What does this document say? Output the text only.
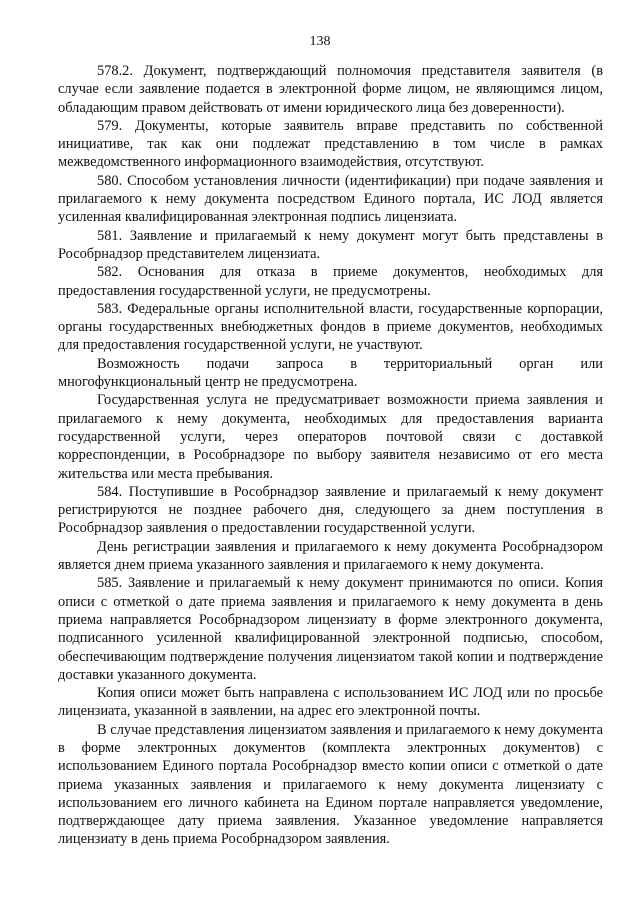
138

578.2. Документ, подтверждающий полномочия представителя заявителя (в случае если заявление подается в электронной форме лицом, не являющимся лицом, обладающим правом действовать от имени юридического лица без доверенности).

579. Документы, которые заявитель вправе представить по собственной инициативе, так как они подлежат представлению в том числе в рамках межведомственного информационного взаимодействия, отсутствуют.

580. Способом установления личности (идентификации) при подаче заявления и прилагаемого к нему документа посредством Единого портала, ИС ЛОД является усиленная квалифицированная электронная подпись лицензиата.

581. Заявление и прилагаемый к нему документ могут быть представлены в Рособрнадзор представителем лицензиата.

582. Основания для отказа в приеме документов, необходимых для предоставления государственной услуги, не предусмотрены.

583. Федеральные органы исполнительной власти, государственные корпорации, органы государственных внебюджетных фондов в приеме документов, необходимых для предоставления государственной услуги, не участвуют.

Возможность подачи запроса в территориальный орган или многофункциональный центр не предусмотрена.

Государственная услуга не предусматривает возможности приема заявления и прилагаемого к нему документа, необходимых для предоставления варианта государственной услуги, через операторов почтовой связи с доставкой корреспонденции, в Рособрнадзоре по выбору заявителя независимо от его места жительства или места пребывания.

584. Поступившие в Рособрнадзор заявление и прилагаемый к нему документ регистрируются не позднее рабочего дня, следующего за днем поступления в Рособрнадзор заявления о предоставлении государственной услуги.

День регистрации заявления и прилагаемого к нему документа Рособрнадзором является днем приема указанного заявления и прилагаемого к нему документа.

585. Заявление и прилагаемый к нему документ принимаются по описи. Копия описи с отметкой о дате приема заявления и прилагаемого к нему документа в день приема направляется Рособрнадзором лицензиату в форме электронного документа, подписанного усиленной квалифицированной электронной подписью, способом, обеспечивающим подтверждение получения лицензиатом такой копии и подтверждение доставки указанного документа.

Копия описи может быть направлена с использованием ИС ЛОД или по просьбе лицензиата, указанной в заявлении, на адрес его электронной почты.

В случае представления лицензиатом заявления и прилагаемого к нему документа в форме электронных документов (комплекта электронных документов) с использованием Единого портала Рособрнадзор вместо копии описи с отметкой о дате приема указанных заявления и прилагаемого к нему документа лицензиату с использованием его личного кабинета на Едином портале направляется уведомление, подтверждающее дату приема заявления. Указанное уведомление направляется лицензиату в день приема Рособрнадзором заявления.
